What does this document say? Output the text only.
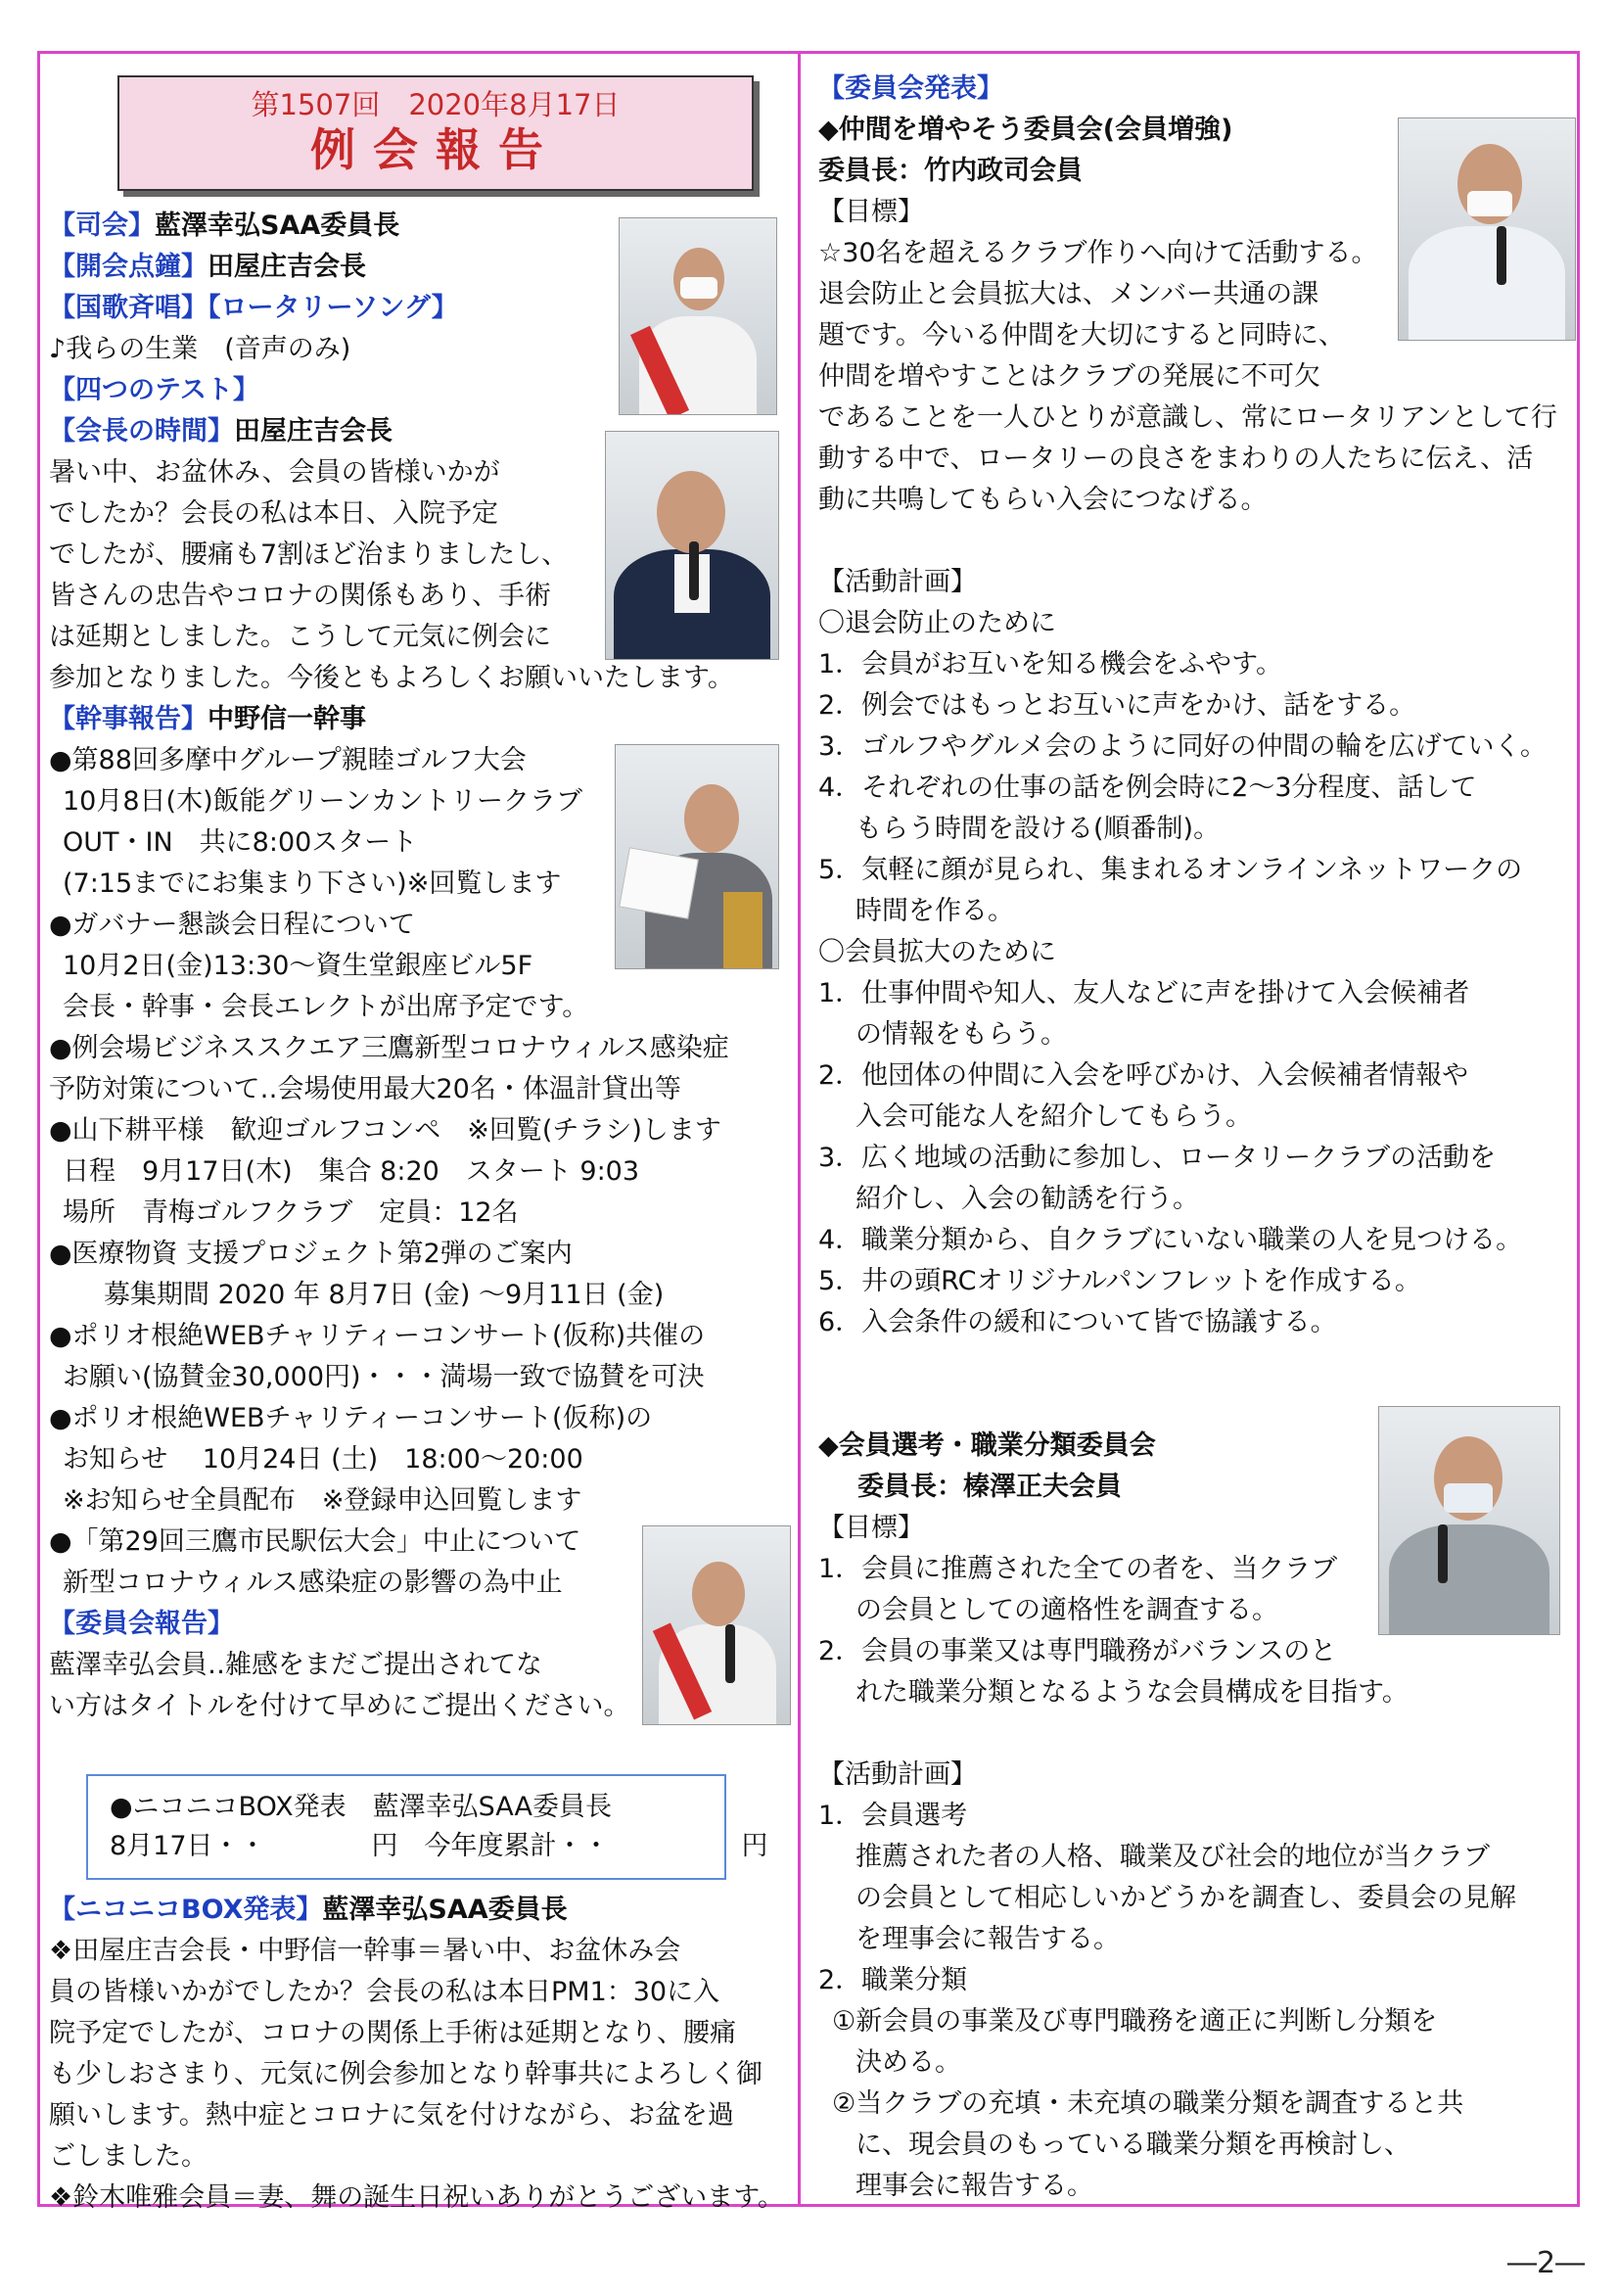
第1507回　2020年8月17日
例会報告

【司会】藍澤幸弘SAA委員長

【開会点鐘】田屋庄吉会長

【国歌斉唱】【ロータリーソング】

♪我らの生業　(音声のみ)

【四つのテスト】

【会長の時間】田屋庄吉会長

暑い中、お盆休み、会員の皆様いかが

でしたか？会長の私は本日、入院予定

でしたが、腰痛も7割ほど治まりましたし、

皆さんの忠告やコロナの関係もあり、手術

は延期としました。こうして元気に例会に

参加となりました。今後ともよろしくお願いいたします。

【幹事報告】中野信一幹事

●第88回多摩中グループ親睦ゴルフ大会

10月8日(木)飯能グリーンカントリークラブ

OUT・IN　共に8:00スタート

(7:15までにお集まり下さい)※回覧します

●ガバナー懇談会日程について

10月2日(金)13:30～資生堂銀座ビル5F

会長・幹事・会長エレクトが出席予定です。

●例会場ビジネススクエア三鷹新型コロナウィルス感染症

予防対策について‥会場使用最大20名・体温計貸出等

●山下耕平様　歓迎ゴルフコンペ　※回覧(チラシ)します

日程　9月17日(木)　集合 8:20　スタート 9:03

場所　青梅ゴルフクラブ　定員：12名

●医療物資 支援プロジェクト第2弾のご案内

募集期間 2020 年 8月7日 (金) ～9月11日 (金)

●ポリオ根絶WEBチャリティーコンサート(仮称)共催の

お願い(協賛金30,000円)・・・満場一致で協賛を可決

●ポリオ根絶WEBチャリティーコンサート(仮称)の

お知らせ　 10月24日 (土)　18:00～20:00

※お知らせ全員配布　※登録申込回覧します

●「第29回三鷹市民駅伝大会」中止について

新型コロナウィルス感染症の影響の為中止

【委員会報告】

藍澤幸弘会員‥雑感をまだご提出されてな

い方はタイトルを付けて早めにご提出ください。

●ニコニコBOX発表　藍澤幸弘SAA委員長

8月17日・・　　　　円　今年度累計・・　　　　　円

【ニコニコBOX発表】藍澤幸弘SAA委員長

❖田屋庄吉会長・中野信一幹事＝暑い中、お盆休み会

員の皆様いかがでしたか？会長の私は本日PM1：30に入

院予定でしたが、コロナの関係上手術は延期となり、腰痛

も少しおさまり、元気に例会参加となり幹事共によろしく御

願いします。熱中症とコロナに気を付けながら、お盆を過

ごしました。

❖鈴木唯雅会員＝妻、舞の誕生日祝いありがとうございます。

【委員会発表】

◆仲間を増やそう委員会(会員増強)

委員長：竹内政司会員

【目標】

☆30名を超えるクラブ作りへ向けて活動する。

退会防止と会員拡大は、メンバー共通の課

題です。今いる仲間を大切にすると同時に、

仲間を増やすことはクラブの発展に不可欠

であることを一人ひとりが意識し、常にロータリアンとして行

動する中で、ロータリーの良さをまわりの人たちに伝え、活

動に共鳴してもらい入会につなげる。

【活動計画】

〇退会防止のために

1．会員がお互いを知る機会をふやす。

2．例会ではもっとお互いに声をかけ、話をする。

3．ゴルフやグルメ会のように同好の仲間の輪を広げていく。

4．それぞれの仕事の話を例会時に2～3分程度、話して

もらう時間を設ける(順番制)。

5．気軽に顔が見られ、集まれるオンラインネットワークの

時間を作る。

〇会員拡大のために

1．仕事仲間や知人、友人などに声を掛けて入会候補者

の情報をもらう。

2．他団体の仲間に入会を呼びかけ、入会候補者情報や

入会可能な人を紹介してもらう。

3．広く地域の活動に参加し、ロータリークラブの活動を

紹介し、入会の勧誘を行う。

4．職業分類から、自クラブにいない職業の人を見つける。

5．井の頭RCオリジナルパンフレットを作成する。

6．入会条件の緩和について皆で協議する。

◆会員選考・職業分類委員会

委員長：榛澤正夫会員

【目標】

1．会員に推薦された全ての者を、当クラブ

の会員としての適格性を調査する。

2．会員の事業又は専門職務がバランスのと

れた職業分類となるような会員構成を目指す。

【活動計画】

1．会員選考

推薦された者の人格、職業及び社会的地位が当クラブ

の会員として相応しいかどうかを調査し、委員会の見解

を理事会に報告する。

2．職業分類

①新会員の事業及び専門職務を適正に判断し分類を

決める。

②当クラブの充填・未充填の職業分類を調査すると共

に、現会員のもっている職業分類を再検討し、

理事会に報告する。

―2―
